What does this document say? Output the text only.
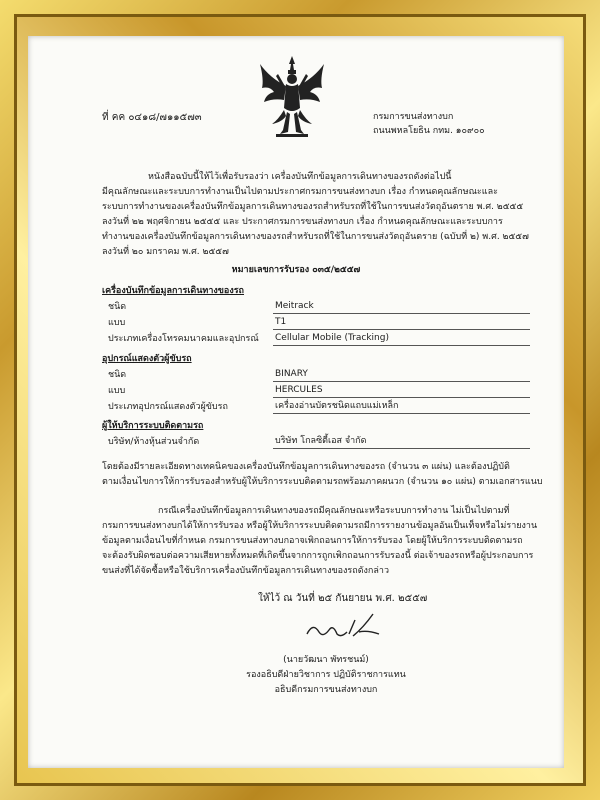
ที่ คค ๐๔๑๘/๗๑๑๕๗๓	กรมการขนส่งทางบก
ถนนพหลโยธิน กทม. ๑๐๙๐๐
หนังสือฉบับนี้ให้ไว้เพื่อรับรองว่า เครื่องบันทึกข้อมูลการเดินทางของรถดังต่อไปนี้
มีคุณลักษณะและระบบการทำงานเป็นไปตามประกาศกรมการขนส่งทางบก เรื่อง กำหนดคุณลักษณะและ
ระบบการทำงานของเครื่องบันทึกข้อมูลการเดินทางของรถสำหรับรถที่ใช้ในการขนส่งวัตถุอันตราย พ.ศ. ๒๕๕๕
ลงวันที่ ๒๒ พฤศจิกายน ๒๕๕๕ และ ประกาศกรมการขนส่งทางบก เรื่อง กำหนดคุณลักษณะและระบบการ
ทำงานของเครื่องบันทึกข้อมูลการเดินทางของรถสำหรับรถที่ใช้ในการขนส่งวัตถุอันตราย (ฉบับที่ ๒) พ.ศ. ๒๕๕๗
ลงวันที่ ๒๐ มกราคม พ.ศ. ๒๕๕๗
หมายเลขการรับรอง ๐๓๕/๒๕๕๗
เครื่องบันทึกข้อมูลการเดินทางของรถ
ชนิด	Meitrack
แบบ	T1
ประเภทเครื่องโทรคมนาคมและอุปกรณ์ Cellular Mobile (Tracking)
อุปกรณ์แสดงตัวผู้ขับรถ
ชนิด	BINARY
แบบ	HERCULES
ประเภทอุปกรณ์แสดงตัวผู้ขับรถ	เครื่องอ่านบัตรชนิดแถบแม่เหล็ก
ผู้ให้บริการระบบติดตามรถ
บริษัท/ห้างหุ้นส่วนจำกัด	บริษัท โกลซิตี้เอส จำกัด
โดยต้องมีรายละเอียดทางเทคนิคของเครื่องบันทึกข้อมูลการเดินทางของรถ (จำนวน ๓ แผ่น) และต้องปฏิบัติ
ตามเงื่อนไขการให้การรับรองสำหรับผู้ให้บริการระบบติดตามรถพร้อมภาคผนวก (จำนวน ๑๐ แผ่น) ตามเอกสารแนบ
กรณีเครื่องบันทึกข้อมูลการเดินทางของรถมีคุณลักษณะหรือระบบการทำงาน ไม่เป็นไปตามที่
กรมการขนส่งทางบกได้ให้การรับรอง หรือผู้ให้บริการระบบติดตามรถมีการรายงานข้อมูลอันเป็นเท็จหรือไม่รายงาน
ข้อมูลตามเงื่อนไขที่กำหนด กรมการขนส่งทางบกอาจเพิกถอนการให้การรับรอง โดยผู้ให้บริการระบบติดตามรถ
จะต้องรับผิดชอบต่อความเสียหายทั้งหมดที่เกิดขึ้นจากการถูกเพิกถอนการรับรองนี้ ต่อเจ้าของรถหรือผู้ประกอบการ
ขนส่งที่ได้จัดซื้อหรือใช้บริการเครื่องบันทึกข้อมูลการเดินทางของรถดังกล่าว
ให้ไว้ ณ วันที่ ๒๕ กันยายน พ.ศ. ๒๕๕๗
(นายวัฒนา พัทรชนม์)
รองอธิบดีฝ่ายวิชาการ ปฏิบัติราชการแทน
อธิบดีกรมการขนส่งทางบก
